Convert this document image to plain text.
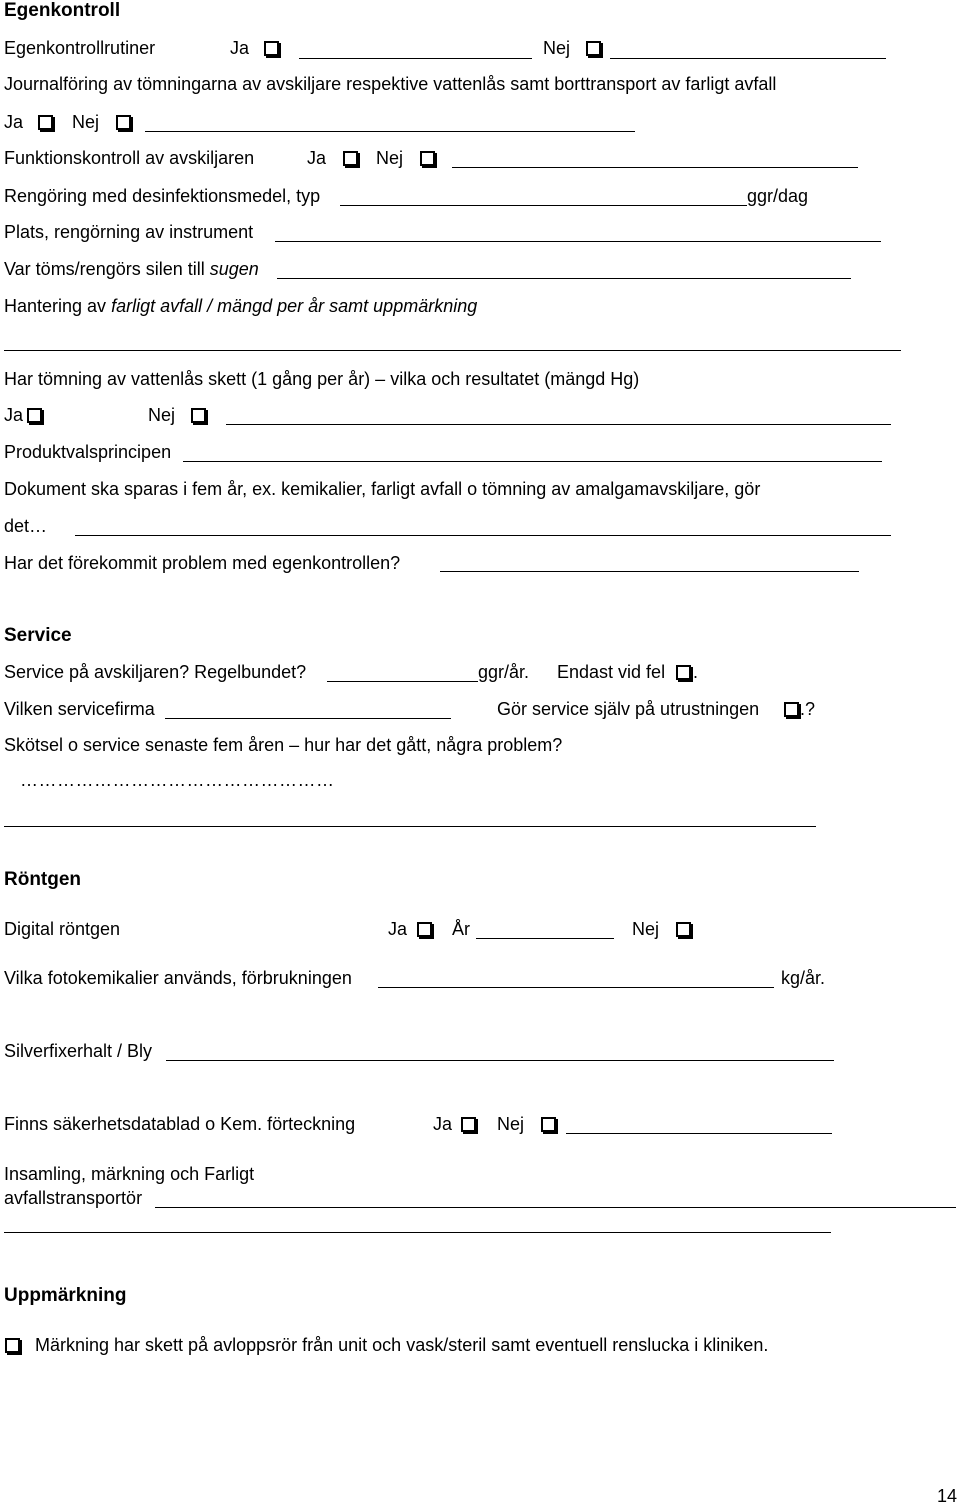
Egenkontroll
Egenkontrollrutiner	Ja	Nej
Journalföring av tömningarna av avskiljare respektive vattenlås samt borttransport av farligt avfall
Ja	Nej
Funktionskontroll av avskiljaren	Ja	Nej
Rengöring med desinfektionsmedel, typ	ggr/dag
Plats, rengörning av instrument
Var töms/rengörs silen till sugen
Hantering av farligt avfall / mängd per år samt uppmärkning
Har tömning av vattenlås skett (1 gång per år) – vilka och resultatet (mängd Hg)
Ja	Nej
Produktvalsprincipen
Dokument ska sparas i fem år, ex. kemikalier, farligt avfall o tömning av amalgamavskiljare, gör
det…
Har det förekommit problem med egenkontrollen?
Service
Service på avskiljaren? Regelbundet?	ggr/år. Endast vid fel .
Vilken servicefirma	Gör service själv på utrustningen .?
Skötsel o service senaste fem åren – hur har det gått, några problem?
……………………………………………
Röntgen
Digital röntgen	Ja År	Nej
Vilka fotokemikalier används, förbrukningen	kg/år.
Silverfixerhalt / Bly
Finns säkerhetsdatablad o Kem. förteckning	Ja Nej
Insamling, märkning och Farligt
avfallstransportör
Uppmärkning
Märkning har skett på avloppsrör från unit och vask/steril samt eventuell renslucka i kliniken.
14
